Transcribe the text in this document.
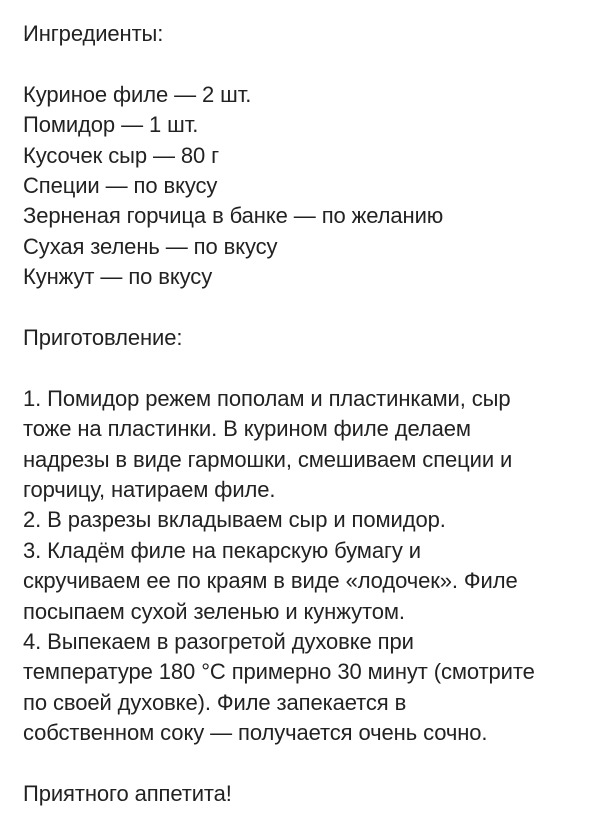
Ингредиенты:
Куриное филе — 2 шт.
Помидор — 1 шт.
Кусочек сыр — 80 г
Специи — по вкусу
Зерненая горчица в банке — по желанию
Сухая зелень — по вкусу
Кунжут — по вкусу
Приготовление:
1. Помидор режем пополам и пластинками, сыр
тоже на пластинки. В курином филе делаем
надрезы в виде гармошки, смешиваем специи и
горчицу, натираем филе.
2. В разрезы вкладываем сыр и помидор.
3. Кладём филе на пекарскую бумагу и
скручиваем ее по краям в виде «лодочек». Филе
посыпаем сухой зеленью и кунжутом.
4. Выпекаем в разогретой духовке при
температуре 180 °C примерно 30 минут (смотрите
по своей духовке). Филе запекается в
собственном соку — получается очень сочно.
Приятного аппетита!
